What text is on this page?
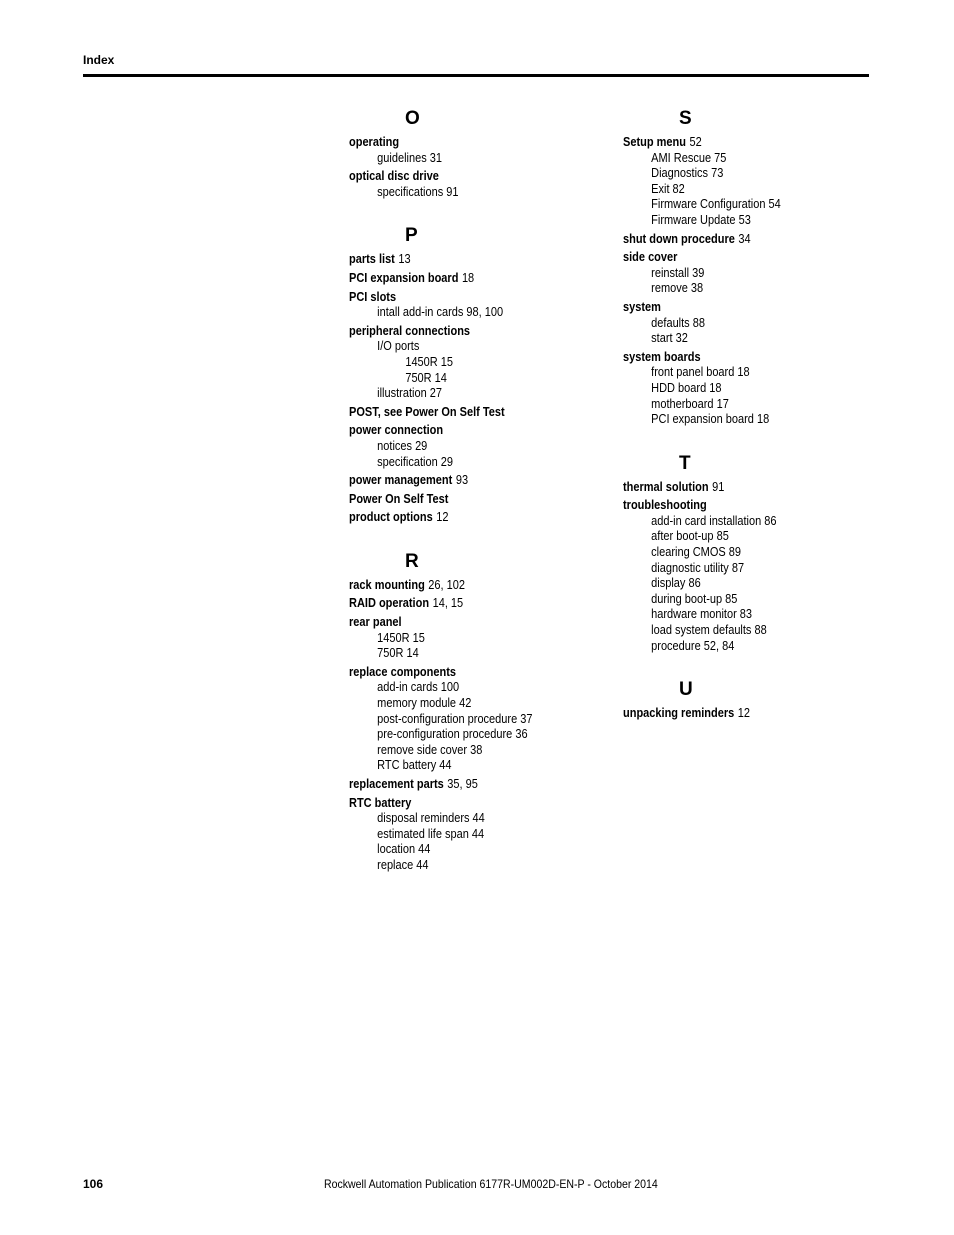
Index
O
operating
guidelines 31
optical disc drive
specifications 91
P
parts list 13
PCI expansion board 18
PCI slots
intall add-in cards 98, 100
peripheral connections
I/O ports
1450R 15
750R 14
illustration 27
POST, see Power On Self Test
power connection
notices 29
specification 29
power management 93
Power On Self Test
product options 12
R
rack mounting 26, 102
RAID operation 14, 15
rear panel
1450R 15
750R 14
replace components
add-in cards 100
memory module 42
post-configuration procedure 37
pre-configuration procedure 36
remove side cover 38
RTC battery 44
replacement parts 35, 95
RTC battery
disposal reminders 44
estimated life span 44
location 44
replace 44
S
Setup menu 52
AMI Rescue 75
Diagnostics 73
Exit 82
Firmware Configuration 54
Firmware Update 53
shut down procedure 34
side cover
reinstall 39
remove 38
system
defaults 88
start 32
system boards
front panel board 18
HDD board 18
motherboard 17
PCI expansion board 18
T
thermal solution 91
troubleshooting
add-in card installation 86
after boot-up 85
clearing CMOS 89
diagnostic utility 87
display 86
during boot-up 85
hardware monitor 83
load system defaults 88
procedure 52, 84
U
unpacking reminders 12
106	Rockwell Automation Publication 6177R-UM002D-EN-P - October 2014
